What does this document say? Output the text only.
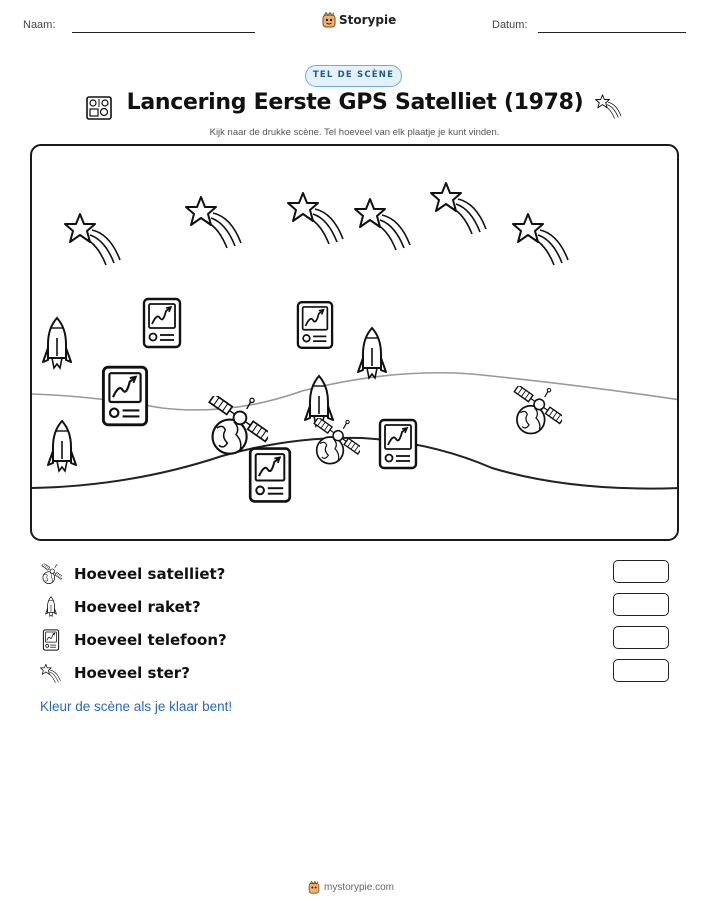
Naam:	Storypie	Datum:
TEL DE SCÈNE
Lancering Eerste GPS Satelliet (1978)
Kijk naar de drukke scène. Tel hoeveel van elk plaatje je kunt vinden.
Hoeveel satelliet?
Hoeveel raket?
Hoeveel telefoon?
Hoeveel ster?
Kleur de scène als je klaar bent!
mystorypie.com
